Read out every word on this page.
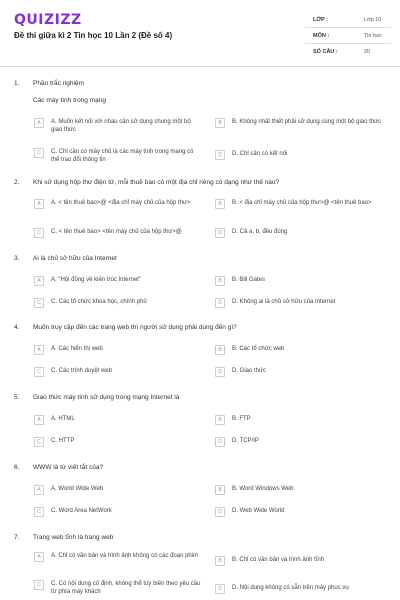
QUIZIZZ
Đề thi giữa kì 2 Tin học 10 Lần 2 (Đề số 4)
LỚP :	Lớp 10
MÔN :	Tin học
SỐ CÂU :	20
1. Phần trắc nghiệm
Các máy tính trong mạng
A	A. Muốn kết nối với nhau cần sử dụng chung một bộ giao thức
B	B. Không nhất thiết phải sử dụng cùng một bộ giao thức
C	C. Chỉ cần có máy chủ là các máy tính trong mạng có thể trao đổi thông tin
D	D. Chỉ cần có kết nối
2. Khi sử dụng hộp thư điện tử, mỗi thuê bao có một địa chỉ riêng có dạng như thế nào?
A	A. < tên thuê bao>@ <địa chỉ máy chủ của hộp thư>	B	B. < địa chỉ máy chủ của hộp thư>@ <tên thuê bao>
C	C. < tên thuê bao> <tên máy chủ của hộp thư>@	D	D. Cả a, b, đều đúng
3. Ai là chủ sở hữu của Internet
A	A. "Hội đồng về kiến trúc Internet"	B	B. Bill Gates
C	C. Các tổ chức khoa học, chính phủ	D	D. Không ai là chủ sở hữu của Internet
4. Muốn truy cập đến các trang web thì người sử dụng phải dùng đến gì?
A	A. Các hiển thị web	B	B. Các tổ chức web
C	C. Các trình duyệt web	D	D. Giao thức
5. Giao thức máy tính sử dụng trong mạng Internet là
A	A. HTML	B	B. FTP
C	C. HTTP	D	D. TCP/IP
6. WWW là từ viết tắt của?
A	A. World Wide Web	B	B. Word Windows Web
C	C. Word Area NetWork	D	D. Web Wide World
7. Trang web tĩnh là trang web
A	A. Chỉ có văn bản và hình ảnh không có các đoạn phim
B	B. Chỉ có văn bản và hình ảnh tĩnh
C	C. Có nội dung cố định, không thể tùy biến theo yêu cầu từ phía máy khách
D	D. Nội dung không có sẵn trên máy phục vụ
